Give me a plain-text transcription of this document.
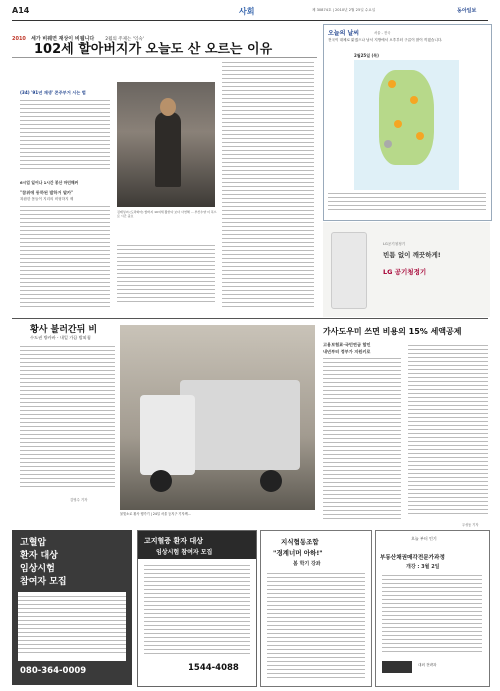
A14	사회	제 30874호 | 2010년 2월 25일 수요일	동아일보
2010 세가 비웨면 재상이 비웹니다 2월의 주제는 '익숙'
102세 할아버지가 오늘도 산 오르는 이유
(34) '91년 재생' 콘주부거 시는 법
6시업 일어나 1시간 봉산 마던해커
"참위에 동하된 발하거 말카"
복잡한 몸들이 지리의 비형하지 제
김태성씨 (도라와아) 할버지 10여세 활한다 보다 사연해 ... 부산수양 이 목으로 시간 중요
오늘의 날씨	서울 - 전국
전국이 대체로 맑겠으나 남서 지방에서 오후부터 구름이 많이 끼겠습니다.
2월25일 (목)
LG공기청정기
빈틈 없이 깨끗하게!
LG 공기청정기
황사 불러간뒤 비
수도권 방카바 - 내일 가끔 밤외침
김영수 기자
물빛소로 황사 헹가기 | 24일 서울 등지구 기자께...
가사도우미 쓰면 비용의 15% 세액공제
고용보험료·국민연금 할인
내년부터 정부가 지원키로
우성동 기자
고혈압
환자 대상
임상시험
참여자 모집
080-364-0009
고지혈증 환자 대상
임상시험 참여자 모집
1544-4088
지식협동조합
"경계너머 아하!"
봄 학기 강좌
오늘 부터 인기
부동산채권매각전문가과정
개강 : 3월 2일
대외 전략과
